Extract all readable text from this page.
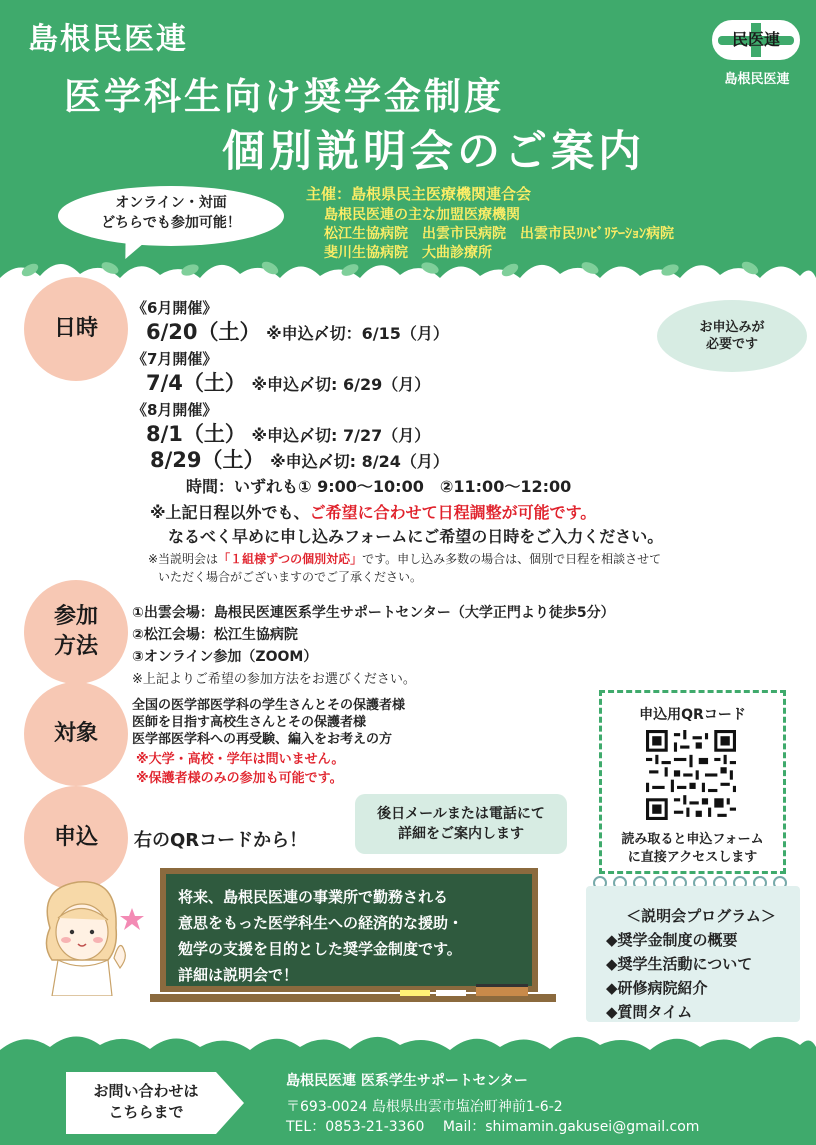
島根民医連
医学科生向け奨学金制度
個別説明会のご案内
民医連
島根民医連
オンライン・対面
どちらでも参加可能！
主催：島根県民主医療機関連合会
島根民医連の主な加盟医療機関
松江生協病院　出雲市民病院　出雲市民ﾘﾊﾋﾞﾘﾃｰｼｮﾝ病院
斐川生協病院　大曲診療所
日時	お申込みが
必要です
《6月開催》
6/20（土） ※申込〆切：6/15（月）
《7月開催》
7/4（土） ※申込〆切: 6/29（月）
《8月開催》
8/1（土） ※申込〆切: 7/27（月）
8/29（土） ※申込〆切: 8/24（月）
時間：いずれも① 9:00～10:00　②11:00～12:00
※上記日程以外でも、ご希望に合わせて日程調整が可能です。
なるべく早めに申し込みフォームにご希望の日時をご入力ください。
※当説明会は「１組様ずつの個別対応」です。申し込み多数の場合は、個別で日程を相談させて
いただく場合がございますのでご了承ください。
参加
方法
①出雲会場：島根民医連医系学生サポートセンター（大学正門より徒歩5分）
②松江会場：松江生協病院
③オンライン参加（ZOOM）
※上記よりご希望の参加方法をお選びください。
対象
全国の医学部医学科の学生さんとその保護者様
医師を目指す高校生さんとその保護者様
医学部医学科への再受験、編入をお考えの方
※大学・高校・学年は問いません。
※保護者様のみの参加も可能です。
申込用QRコード
読み取ると申込フォーム
に直接アクセスします
申込	右のQRコードから！
後日メールまたは電話にて
詳細をご案内します
将来、島根民医連の事業所で勤務される
意思をもった医学科生への経済的な援助・
勉学の支援を目的とした奨学金制度です。
詳細は説明会で！
＜説明会プログラム＞
◆奨学金制度の概要
◆奨学生活動について
◆研修病院紹介
◆質問タイム
お問い合わせは
こちらまで
島根民医連 医系学生サポートセンター
〒693-0024 島根県出雲市塩冶町神前1-6-2
TEL：0853-21-3360　 Mail：shimamin.gakusei@gmail.com
